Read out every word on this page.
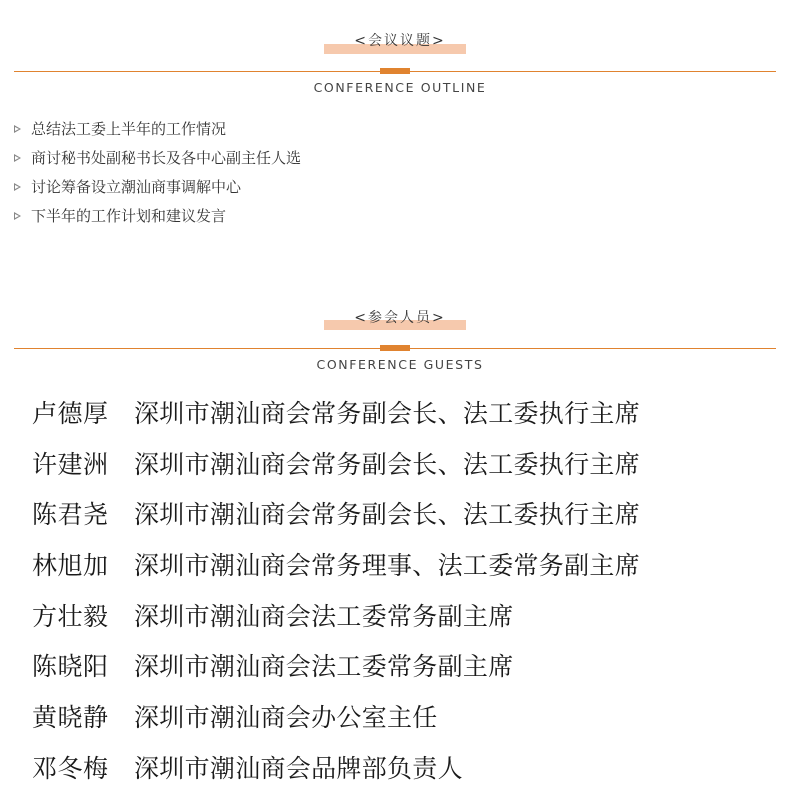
<会议议题>
CONFERENCE OUTLINE
总结法工委上半年的工作情况
商讨秘书处副秘书长及各中心副主任人选
讨论筹备设立潮汕商事调解中心
下半年的工作计划和建议发言
<参会人员>
CONFERENCE GUESTS
卢德厚 深圳市潮汕商会常务副会长、法工委执行主席
许建洲 深圳市潮汕商会常务副会长、法工委执行主席
陈君尧 深圳市潮汕商会常务副会长、法工委执行主席
林旭加 深圳市潮汕商会常务理事、法工委常务副主席
方壮毅 深圳市潮汕商会法工委常务副主席
陈晓阳 深圳市潮汕商会法工委常务副主席
黄晓静 深圳市潮汕商会办公室主任
邓冬梅 深圳市潮汕商会品牌部负责人
